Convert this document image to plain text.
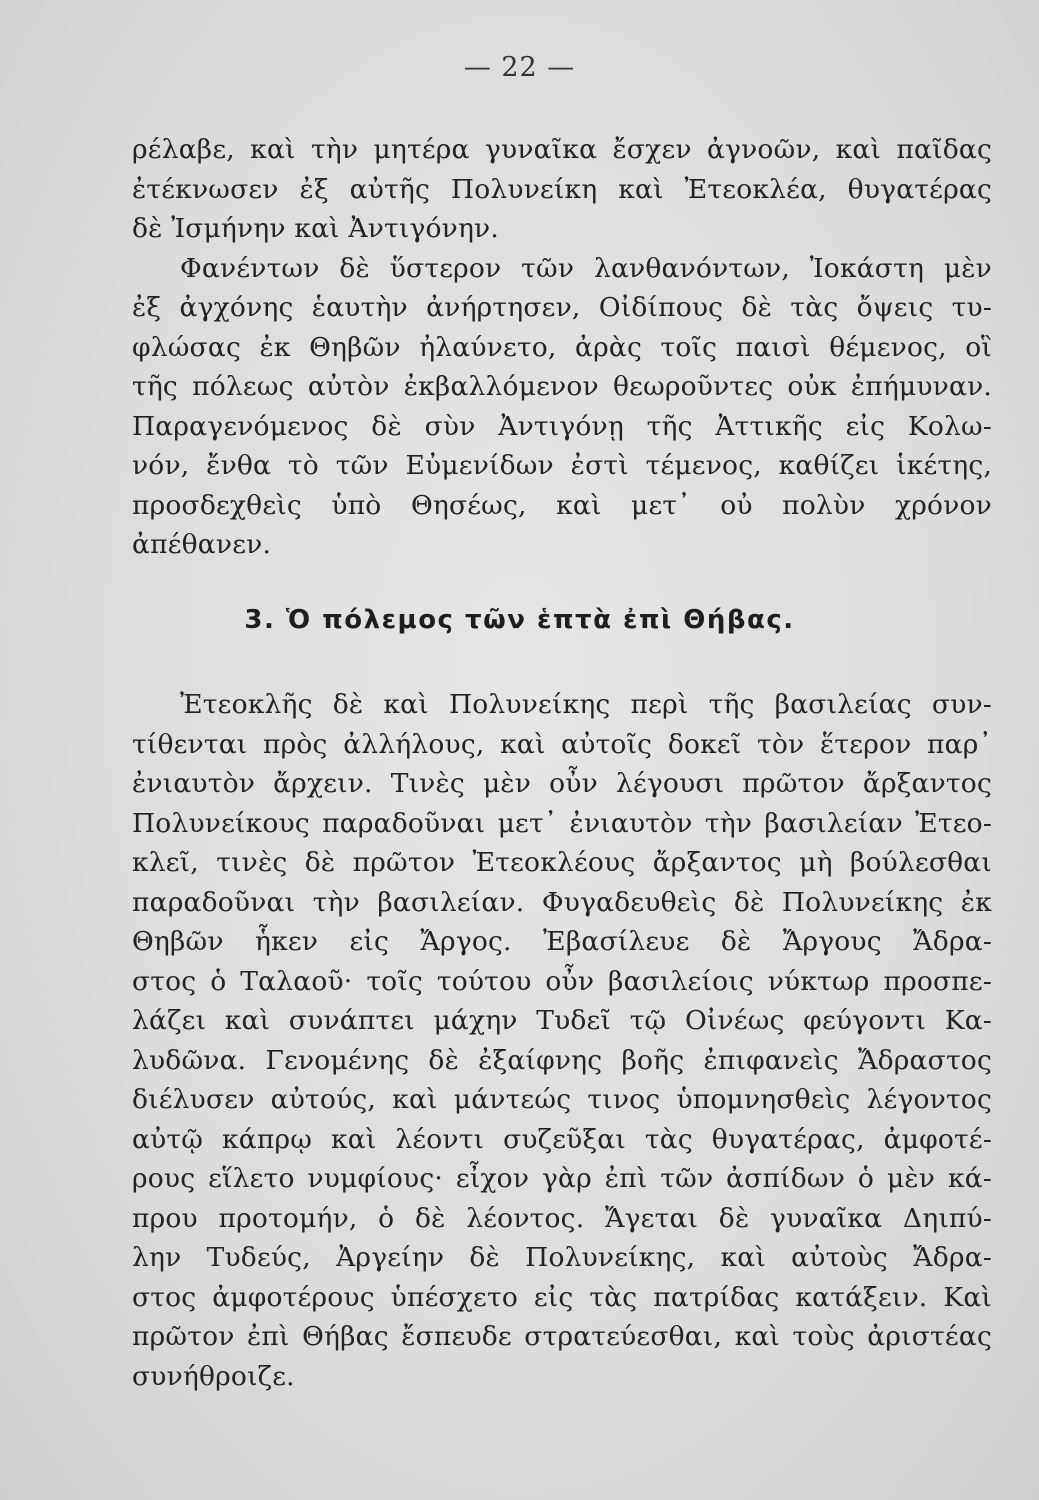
— 22 —
ρέλαβε, καὶ τὴν μητέρα γυναῖκα ἔσχεν ἀγνοῶν, καὶ παῖδας
ἐτέκνωσεν ἐξ αὐτῆς Πολυνείκη καὶ Ἐτεοκλέα, θυγατέρας
δὲ Ἰσμήνην καὶ Ἀντιγόνην.
Φανέντων δὲ ὕστερον τῶν λανθανόντων, Ἰοκάστη μὲν
ἐξ ἀγχόνης ἑαυτὴν ἀνήρτησεν, Οἰδίπους δὲ τὰς ὄψεις τυ-
φλώσας ἐκ Θηβῶν ἠλαύνετο, ἀρὰς τοῖς παισὶ θέμενος, οἳ
τῆς πόλεως αὐτὸν ἐκβαλλόμενον θεωροῦντες οὐκ ἐπήμυναν.
Παραγενόμενος δὲ σὺν Ἀντιγόνῃ τῆς Ἀττικῆς εἰς Κολω-
νόν, ἔνθα τὸ τῶν Εὐμενίδων ἐστὶ τέμενος, καθίζει ἱκέτης,
προσδεχθεὶς ὑπὸ Θησέως, καὶ μετ᾽ οὐ πολὺν χρόνον
ἀπέθανεν.
3. Ὁ πόλεμος τῶν ἑπτὰ ἐπὶ Θήβας.
Ἐτεοκλῆς δὲ καὶ Πολυνείκης περὶ τῆς βασιλείας συν-
τίθενται πρὸς ἀλλήλους, καὶ αὐτοῖς δοκεῖ τὸν ἕτερον παρ᾽
ἐνιαυτὸν ἄρχειν. Τινὲς μὲν οὖν λέγουσι πρῶτον ἄρξαντος
Πολυνείκους παραδοῦναι μετ᾽ ἐνιαυτὸν τὴν βασιλείαν Ἐτεο-
κλεῖ, τινὲς δὲ πρῶτον Ἐτεοκλέους ἄρξαντος μὴ βούλεσθαι
παραδοῦναι τὴν βασιλείαν. Φυγαδευθεὶς δὲ Πολυνείκης ἐκ
Θηβῶν ἧκεν εἰς Ἄργος. Ἐβασίλευε δὲ Ἄργους Ἄδρα-
στος ὁ Ταλαοῦ· τοῖς τούτου οὖν βασιλείοις νύκτωρ προσπε-
λάζει καὶ συνάπτει μάχην Τυδεῖ τῷ Οἰνέως φεύγοντι Κα-
λυδῶνα. Γενομένης δὲ ἐξαίφνης βοῆς ἐπιφανεὶς Ἄδραστος
διέλυσεν αὐτούς, καὶ μάντεώς τινος ὑπομνησθεὶς λέγοντος
αὐτῷ κάπρῳ καὶ λέοντι συζεῦξαι τὰς θυγατέρας, ἀμφοτέ-
ρους εἵλετο νυμφίους· εἶχον γὰρ ἐπὶ τῶν ἀσπίδων ὁ μὲν κά-
πρου προτομήν, ὁ δὲ λέοντος. Ἄγεται δὲ γυναῖκα Δηιπύ-
λην Τυδεύς, Ἀργείην δὲ Πολυνείκης, καὶ αὐτοὺς Ἄδρα-
στος ἀμφοτέρους ὑπέσχετο εἰς τὰς πατρίδας κατάξειν. Καὶ
πρῶτον ἐπὶ Θήβας ἔσπευδε στρατεύεσθαι, καὶ τοὺς ἀριστέας
συνήθροιζε.
